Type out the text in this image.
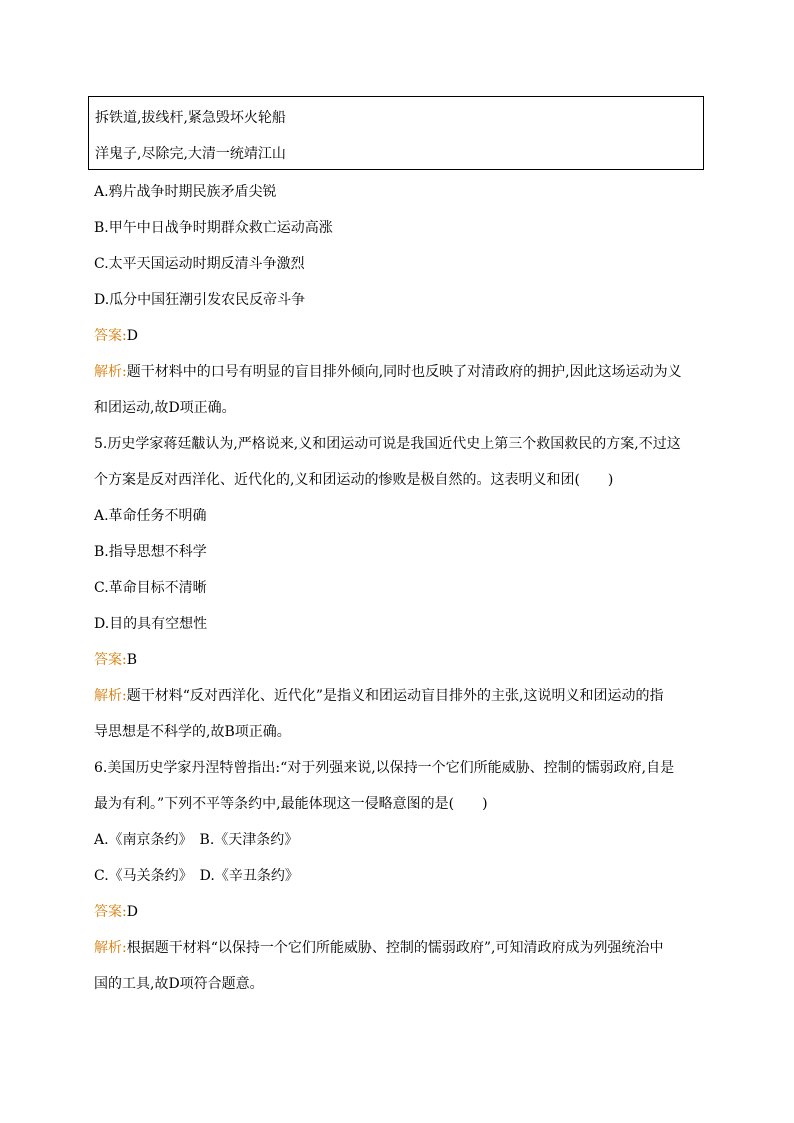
拆铁道,拔线杆,紧急毁坏火轮船
洋鬼子,尽除完,大清一统靖江山
A.鸦片战争时期民族矛盾尖锐
B.甲午中日战争时期群众救亡运动高涨
C.太平天国运动时期反清斗争激烈
D.瓜分中国狂潮引发农民反帝斗争
答案:D
解析:题干材料中的口号有明显的盲目排外倾向,同时也反映了对清政府的拥护,因此这场运动为义
和团运动,故D项正确。
5.历史学家蒋廷黻认为,严格说来,义和团运动可说是我国近代史上第三个救国救民的方案,不过这
个方案是反对西洋化、近代化的,义和团运动的惨败是极自然的。这表明义和团(　　)
A.革命任务不明确
B.指导思想不科学
C.革命目标不清晰
D.目的具有空想性
答案:B
解析:题干材料“反对西洋化、近代化”是指义和团运动盲目排外的主张,这说明义和团运动的指
导思想是不科学的,故B项正确。
6.美国历史学家丹涅特曾指出:“对于列强来说,以保持一个它们所能威胁、控制的懦弱政府,自是
最为有利。”下列不平等条约中,最能体现这一侵略意图的是(　　)
A.《南京条约》　B.《天津条约》
C.《马关条约》　D.《辛丑条约》
答案:D
解析:根据题干材料“以保持一个它们所能威胁、控制的懦弱政府”,可知清政府成为列强统治中
国的工具,故D项符合题意。
